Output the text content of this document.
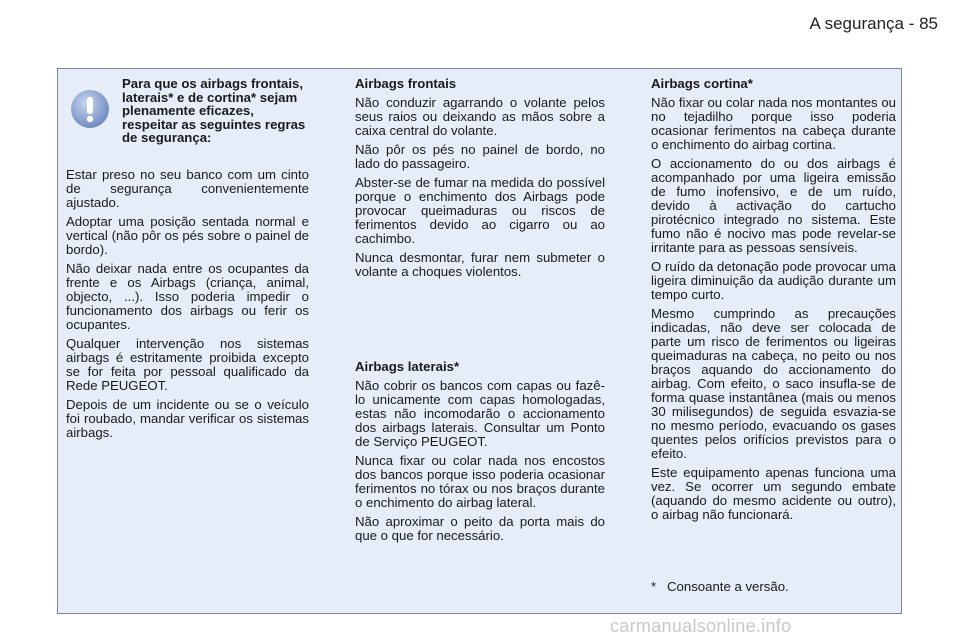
A segurança - 85
Para que os airbags frontais, laterais* e de cortina* sejam plenamente eficazes, respeitar as seguintes regras de segurança:

Estar preso no seu banco com um cinto de segurança convenientemente ajustado.

Adoptar uma posição sentada normal e vertical (não pôr os pés sobre o painel de bordo).

Não deixar nada entre os ocupantes da frente e os Airbags (criança, animal, objecto, ...). Isso poderia impedir o funcionamento dos airbags ou ferir os ocupantes.

Qualquer intervenção nos sistemas airbags é estritamente proibida excepto se for feita por pessoal qualificado da Rede PEUGEOT.

Depois de um incidente ou se o veículo foi roubado, mandar verificar os sistemas airbags.

Airbags frontais

Não conduzir agarrando o volante pelos seus raios ou deixando as mãos sobre a caixa central do volante.

Não pôr os pés no painel de bordo, no lado do passageiro.

Abster-se de fumar na medida do possível porque o enchimento dos Airbags pode provocar queimaduras ou riscos de ferimentos devido ao cigarro ou ao cachimbo.

Nunca desmontar, furar nem submeter o volante a choques violentos.

Airbags laterais*

Não cobrir os bancos com capas ou fazê-lo unicamente com capas homologadas, estas não incomodarão o accionamento dos airbags laterais. Consultar um Ponto de Serviço PEUGEOT.

Nunca fixar ou colar nada nos encostos dos bancos porque isso poderia ocasionar ferimentos no tórax ou nos braços durante o enchimento do airbag lateral.

Não aproximar o peito da porta mais do que o que for necessário.

Airbags cortina*

Não fixar ou colar nada nos montantes ou no tejadilho porque isso poderia ocasionar ferimentos na cabeça durante o enchimento do airbag cortina.

O accionamento do ou dos airbags é acompanhado por uma ligeira emissão de fumo inofensivo, e de um ruído, devido à activação do cartucho pirotécnico integrado no sistema. Este fumo não é nocivo mas pode revelar-se irritante para as pessoas sensíveis.

O ruído da detonação pode provocar uma ligeira diminuição da audição durante um tempo curto.

Mesmo cumprindo as precauções indicadas, não deve ser colocada de parte um risco de ferimentos ou ligeiras queimaduras na cabeça, no peito ou nos braços aquando do accionamento do airbag. Com efeito, o saco insufla-se de forma quase instantânea (mais ou menos 30 milisegundos) de seguida esvazia-se no mesmo período, evacuando os gases quentes pelos orifícios previstos para o efeito.

Este equipamento apenas funciona uma vez. Se ocorrer um segundo embate (aquando do mesmo acidente ou outro), o airbag não funcionará.

* Consoante a versão.
carmanualsonline.info
